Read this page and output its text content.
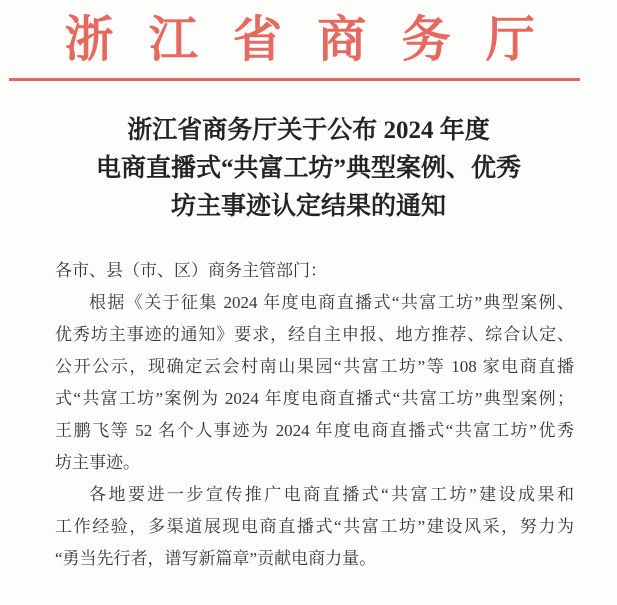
浙江省商务厅
浙江省商务厅关于公布 2024 年度
电商直播式“共富工坊”典型案例、优秀
坊主事迹认定结果的通知
各市、县（市、区）商务主管部门：
根据《关于征集 2024 年度电商直播式“共富工坊”典型案例、
优秀坊主事迹的通知》要求，经自主申报、地方推荐、综合认定、
公开公示，现确定云会村南山果园“共富工坊”等 108 家电商直播
式“共富工坊”案例为 2024 年度电商直播式“共富工坊”典型案例；
王鹏飞等 52 名个人事迹为 2024 年度电商直播式“共富工坊”优秀
坊主事迹。
各地要进一步宣传推广电商直播式“共富工坊”建设成果和
工作经验，多渠道展现电商直播式“共富工坊”建设风采，努力为
“勇当先行者，谱写新篇章”贡献电商力量。
